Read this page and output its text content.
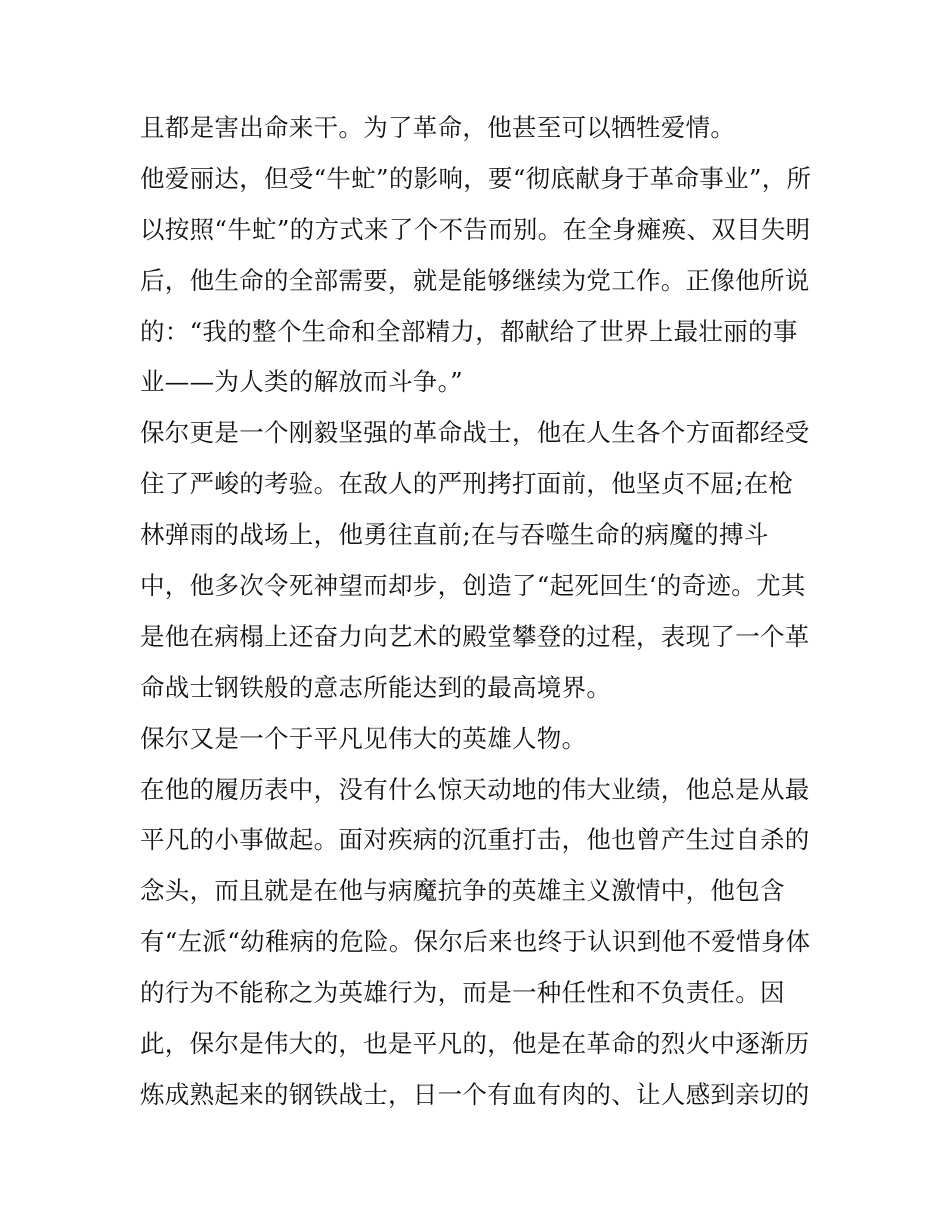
且都是害出命来干。为了革命，他甚至可以牺牲爱情。
他爱丽达，但受“牛虻”的影响，要“彻底献身于革命事业”，所
以按照“牛虻”的方式来了个不告而别。在全身瘫痪、双目失明
后，他生命的全部需要，就是能够继续为党工作。正像他所说
的：“我的整个生命和全部精力，都献给了世界上最壮丽的事
业——为人类的解放而斗争。”
保尔更是一个刚毅坚强的革命战士，他在人生各个方面都经受
住了严峻的考验。在敌人的严刑拷打面前，他坚贞不屈;在枪
林弹雨的战场上，他勇往直前;在与吞噬生命的病魔的搏斗
中，他多次令死神望而却步，创造了“起死回生‘的奇迹。尤其
是他在病榻上还奋力向艺术的殿堂攀登的过程，表现了一个革
命战士钢铁般的意志所能达到的最高境界。
保尔又是一个于平凡见伟大的英雄人物。
在他的履历表中，没有什么惊天动地的伟大业绩，他总是从最
平凡的小事做起。面对疾病的沉重打击，他也曾产生过自杀的
念头，而且就是在他与病魔抗争的英雄主义激情中，他包含
有“左派“幼稚病的危险。保尔后来也终于认识到他不爱惜身体
的行为不能称之为英雄行为，而是一种任性和不负责任。因
此，保尔是伟大的，也是平凡的，他是在革命的烈火中逐渐历
炼成熟起来的钢铁战士，日一个有血有肉的、让人感到亲切的
